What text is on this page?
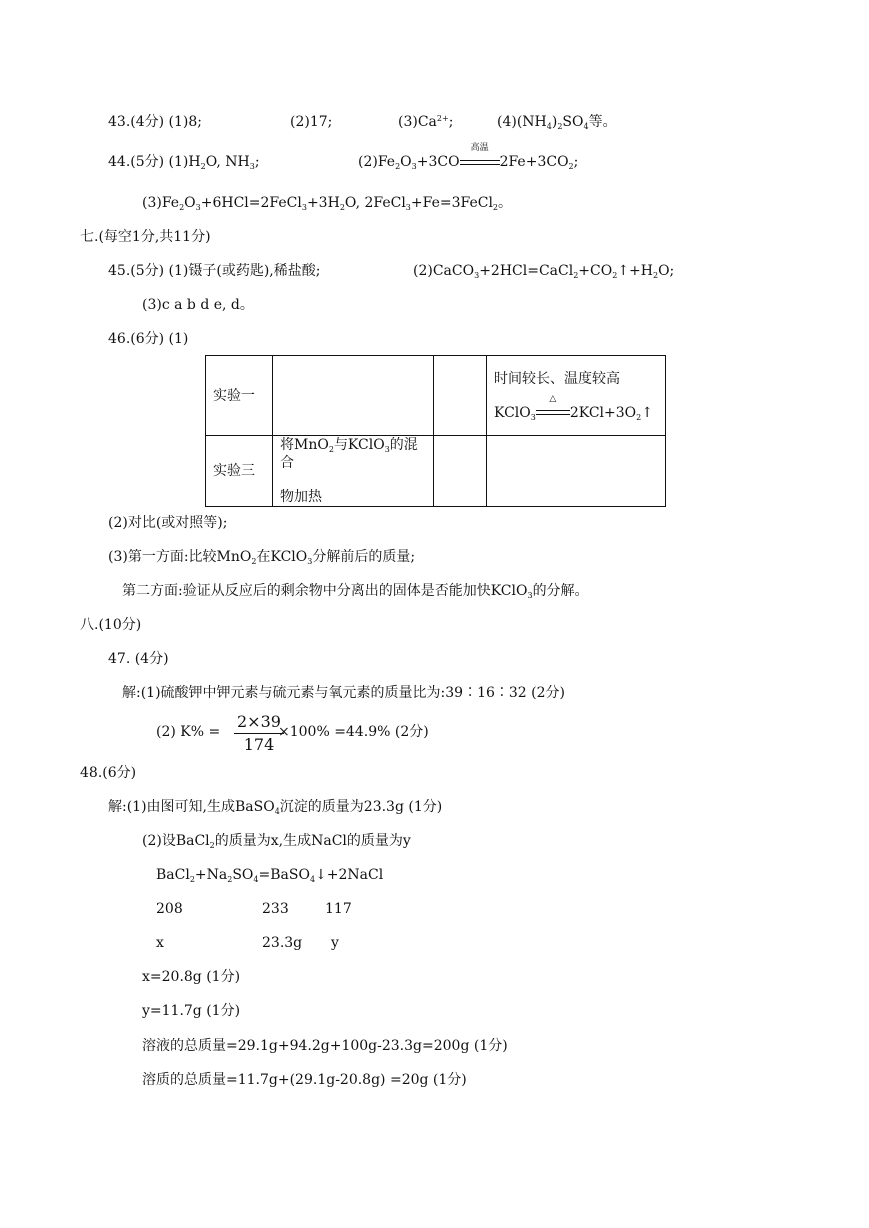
43.(4分) (1)8;	(2)17;	$(3)Ca^{2+}$;	$(4)(NH_4)_2SO_4$等。
44.(5分) $(1)H_2O$, $NH_3$;	$(2)Fe_2O_3+3CO$
高温
$2Fe+3CO_2$;
$(3)Fe_2O_3+6HCl=2FeCl_3+3H_2O$, 2FeCl$_3$+Fe=3FeCl$_2$。
七.(每空1分,共11分)
45.(5分) (1)镊子(或药匙),稀盐酸;	$(2)CaCO_3+2HCl=CaCl_2+CO_2↑+H_2O$;
(3)c a b d e, d。
46.(6分) (1)
实验一			时间较长、温度较高
KClO$_3$
△
$2KCl+3O_2↑$

实验三	将MnO$_2$与KClO$_3$的混合
物加热		

(2)对比(或对照等);
(3)第一方面:比较MnO$_2$在KClO$_3$分解前后的质量;
第二方面:验证从反应后的剩余物中分离出的固体是否能加快KClO$_3$的分解。
八.(10分)
47. (4分)
解:(1)硫酸钾中钾元素与硫元素与氧元素的质量比为:39∶16∶32 (2分)
(2) $K\% = \frac{2\times 39}{174}$
×100% =44.9% (2分)
48.(6分)
解:(1)由图可知,生成BaSO$_4$沉淀的质量为23.3g (1分)
(2)设BaCl$_2$的质量为x,生成NaCl的质量为y
$BaCl_2+Na_2SO_4=BaSO_4↓+2NaCl$
208	233	117
x	23.3g y
x=20.8g (1分)
y=11.7g (1分)
溶液的总质量=29.1g+94.2g+100g-23.3g=200g (1分)
溶质的总质量=11.7g+(29.1g-20.8g) =20g (1分)
